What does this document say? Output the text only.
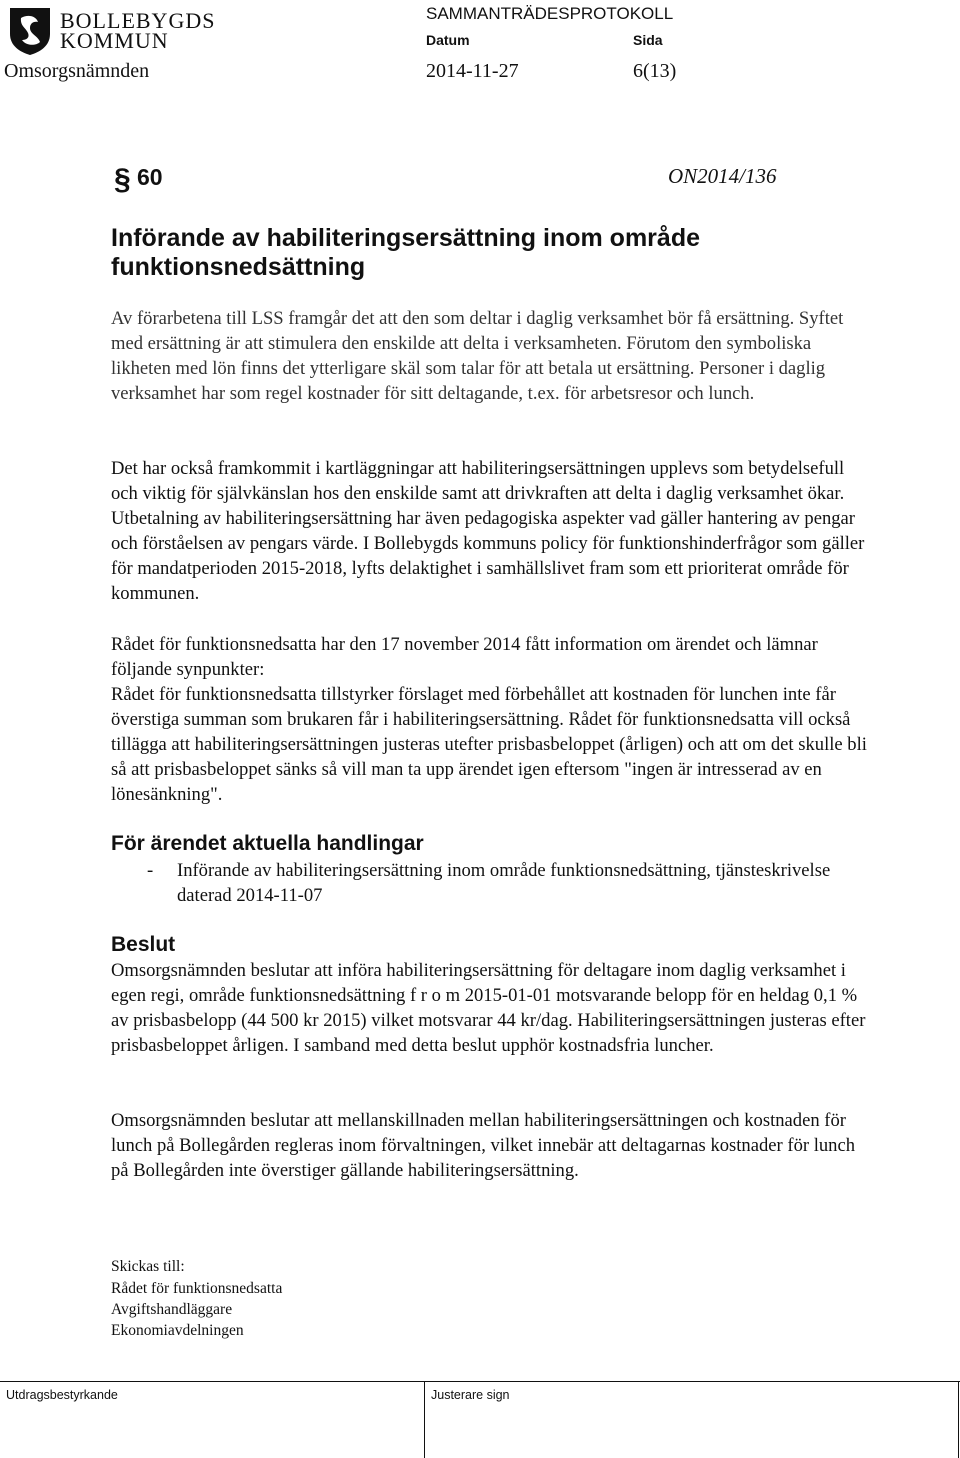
BOLLEBYGDS
KOMMUN
SAMMANTRÄDESPROTOKOLL
Datum	Sida
Omsorgsnämnden	2014-11-27	6(13)
§ 60	ON2014/136
Införande av habiliteringsersättning inom område funktionsnedsättning

Av förarbetena till LSS framgår det att den som deltar i daglig verksamhet bör få ersättning. Syftet med ersättning är att stimulera den enskilde att delta i verksamheten. Förutom den symboliska likheten med lön finns det ytterligare skäl som talar för att betala ut ersättning. Personer i daglig verksamhet har som regel kostnader för sitt deltagande, t.ex. för arbetsresor och lunch.

Det har också framkommit i kartläggningar att habiliteringsersättningen upplevs som betydelsefull och viktig för självkänslan hos den enskilde samt att drivkraften att delta i daglig verksamhet ökar. Utbetalning av habiliteringsersättning har även pedagogiska aspekter vad gäller hantering av pengar och förståelsen av pengars värde. I Bollebygds kommuns policy för funktionshinderfrågor som gäller för mandatperioden 2015-2018, lyfts delaktighet i samhällslivet fram som ett prioriterat område för kommunen.

Rådet för funktionsnedsatta har den 17 november 2014 fått information om ärendet och lämnar följande synpunkter:

Rådet för funktionsnedsatta tillstyrker förslaget med förbehållet att kostnaden för lunchen inte får överstiga summan som brukaren får i habiliteringsersättning. Rådet för funktionsnedsatta vill också tillägga att habiliteringsersättningen justeras utefter prisbasbeloppet (årligen) och att om det skulle bli så att prisbasbeloppet sänks så vill man ta upp ärendet igen eftersom "ingen är intresserad av en lönesänkning".

För ärendet aktuella handlingar
- Införande av habiliteringsersättning inom område funktionsnedsättning, tjänsteskrivelse daterad 2014-11-07
Beslut

Omsorgsnämnden beslutar att införa habiliteringsersättning för deltagare inom daglig verksamhet i egen regi, område funktionsnedsättning f r o m 2015-01-01 motsvarande belopp för en heldag 0,1 % av prisbasbelopp (44 500 kr 2015) vilket motsvarar 44 kr/dag. Habiliteringsersättningen justeras efter prisbasbeloppet årligen. I samband med detta beslut upphör kostnadsfria luncher.

Omsorgsnämnden beslutar att mellanskillnaden mellan habiliteringsersättningen och kostnaden för lunch på Bollegården regleras inom förvaltningen, vilket innebär att deltagarnas kostnader för lunch på Bollegården inte överstiger gällande habiliteringsersättning.

Skickas till:
Rådet för funktionsnedsatta
Avgiftshandläggare
Ekonomiavdelningen
Utdragsbestyrkande	Justerare sign
